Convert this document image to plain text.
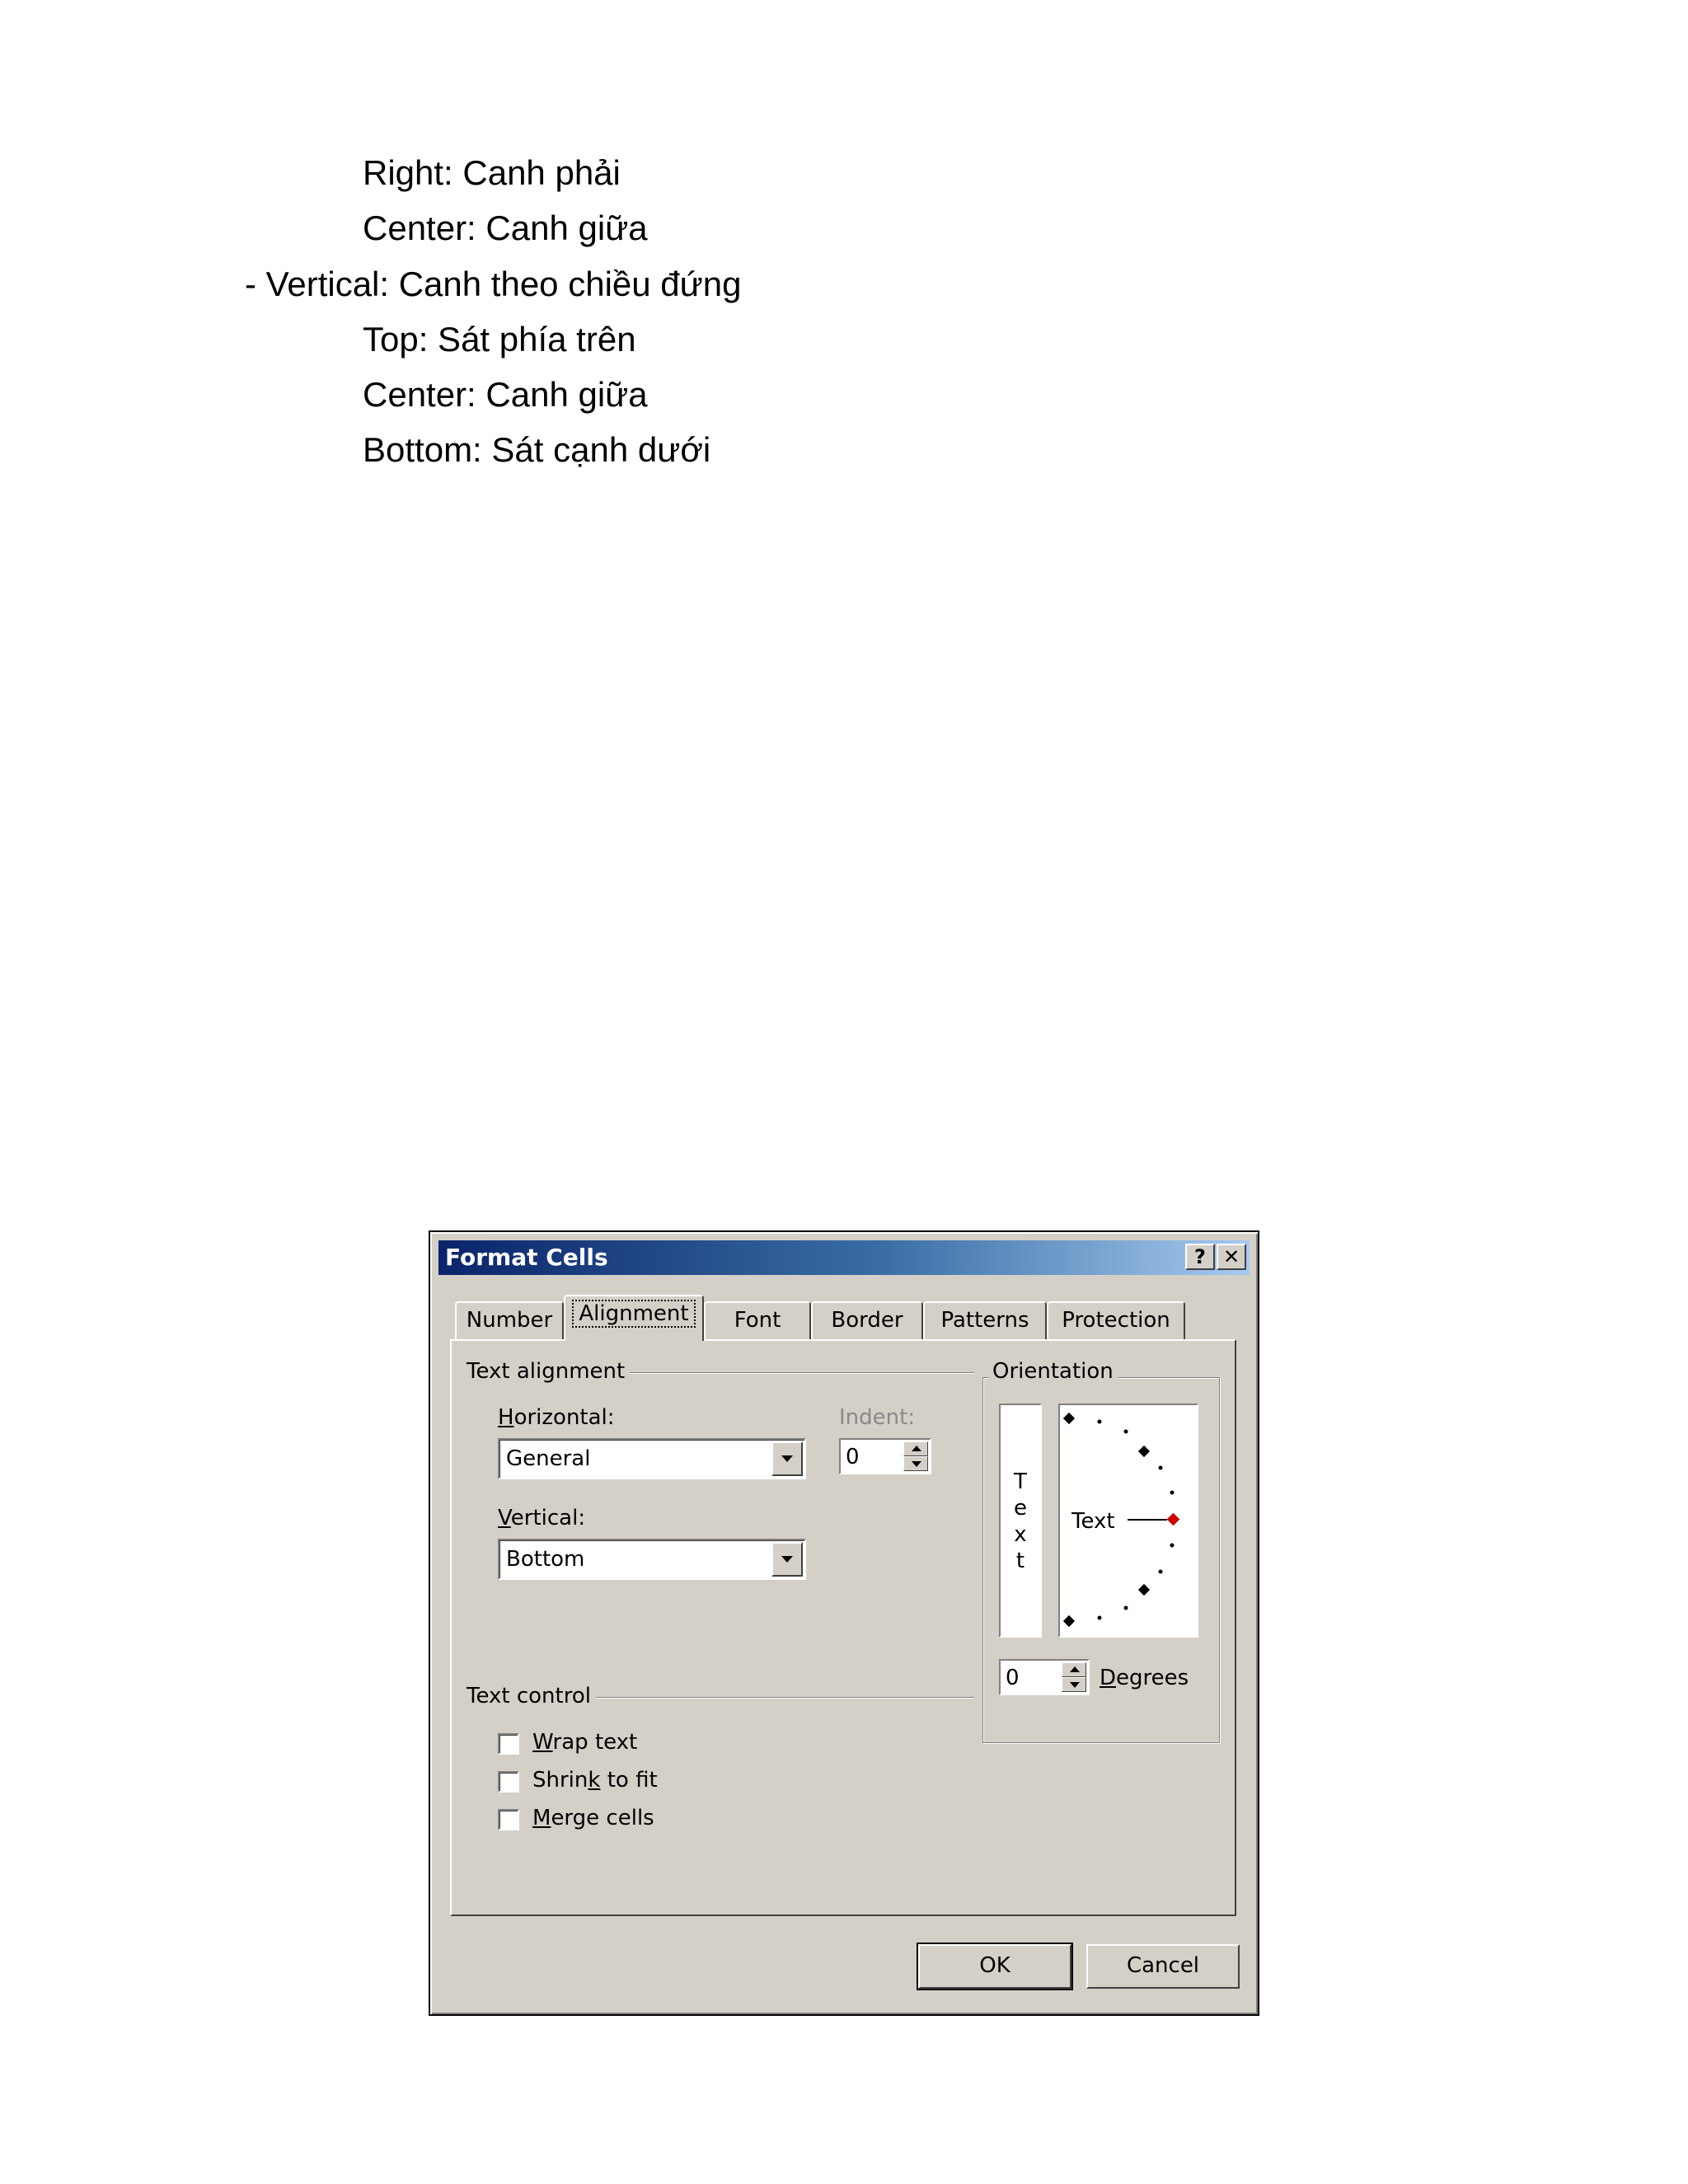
Right: Canh phải
Center: Canh giữa
- Vertical: Canh theo chiều đứng
Top: Sát phía trên
Center: Canh giữa
Bottom: Sát cạnh dưới
Format Cells	? ✕
Number	Alignment	Font	Border	Patterns	Protection
Text alignment
Horizontal:
General
Indent:
0
Vertical:
Bottom
Orientation
T
e
x
t
Text
0	Degrees
Text control
Wrap text
Shrink to fit
Merge cells
OK	Cancel
